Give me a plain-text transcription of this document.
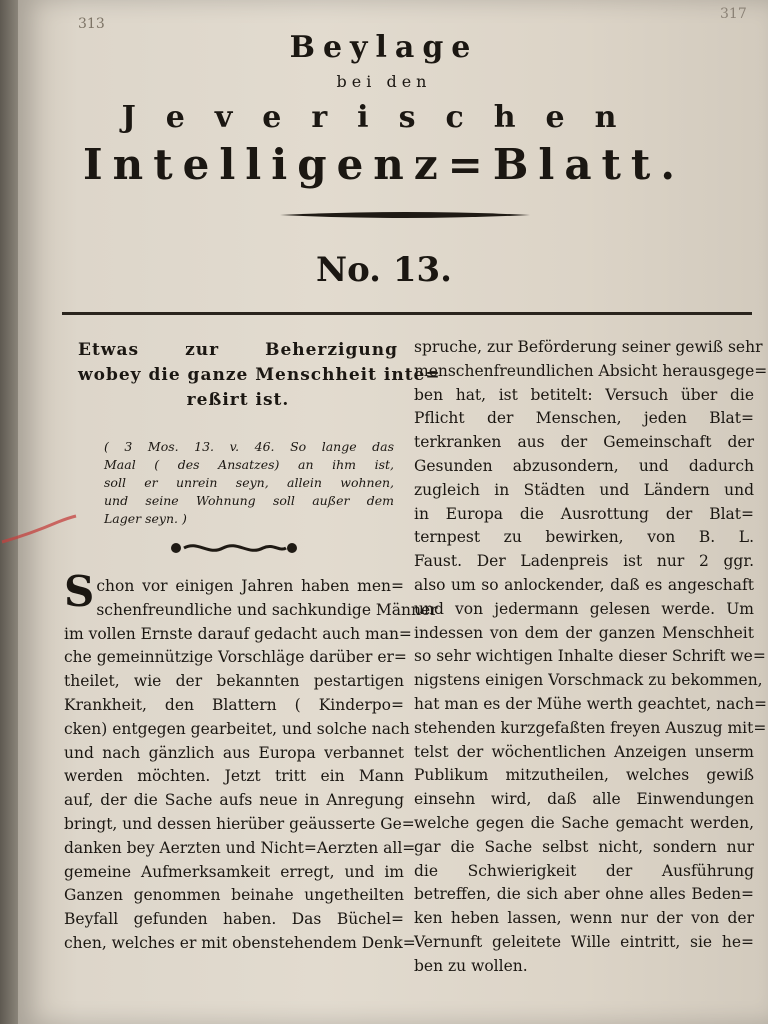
313
317
Beylage
bei den
Jeverischen
Intelligenz=Blatt.
No. 13.
Etwas zur Beherzigung
wobey die ganze Menschheit inte=
reßirt ist.
( 3 Mos. 13. v. 46. So lange das
Maal ( des Ansatzes) an ihm ist,
soll er unrein seyn, allein wohnen,
und seine Wohnung soll außer dem
Lager seyn. )
S chon vor einigen Jahren haben men=
schenfreundliche und sachkundige Männer
im vollen Ernste darauf gedacht auch man=
che gemeinnützige Vorschläge darüber er=
theilet, wie der bekannten pestartigen
Krankheit, den Blattern ( Kinderpo=
cken) entgegen gearbeitet, und solche nach
und nach gänzlich aus Europa verbannet
werden möchten. Jetzt tritt ein Mann
auf, der die Sache aufs neue in Anregung
bringt, und dessen hierüber geäusserte Ge=
danken bey Aerzten und Nicht=Aerzten all=
gemeine Aufmerksamkeit erregt, und im
Ganzen genommen beinahe ungetheilten
Beyfall gefunden haben. Das Büchel=
chen, welches er mit obenstehendem Denk=
spruche, zur Beförderung seiner gewiß sehr
menschenfreundlichen Absicht herausgege=
ben hat, ist betitelt: Versuch über die
Pflicht der Menschen, jeden Blat=
terkranken aus der Gemeinschaft der
Gesunden abzusondern, und dadurch
zugleich in Städten und Ländern und
in Europa die Ausrottung der Blat=
ternpest zu bewirken, von B. L.
Faust. Der Ladenpreis ist nur 2 ggr.
also um so anlockender, daß es angeschaft
und von jedermann gelesen werde. Um
indessen von dem der ganzen Menschheit
so sehr wichtigen Inhalte dieser Schrift we=
nigstens einigen Vorschmack zu bekommen,
hat man es der Mühe werth geachtet, nach=
stehenden kurzgefaßten freyen Auszug mit=
telst der wöchentlichen Anzeigen unserm
Publikum mitzutheilen, welches gewiß
einsehn wird, daß alle Einwendungen
welche gegen die Sache gemacht werden,
gar die Sache selbst nicht, sondern nur
die Schwierigkeit der Ausführung
betreffen, die sich aber ohne alles Beden=
ken heben lassen, wenn nur der von der
Vernunft geleitete Wille eintritt, sie he=
ben zu wollen.
